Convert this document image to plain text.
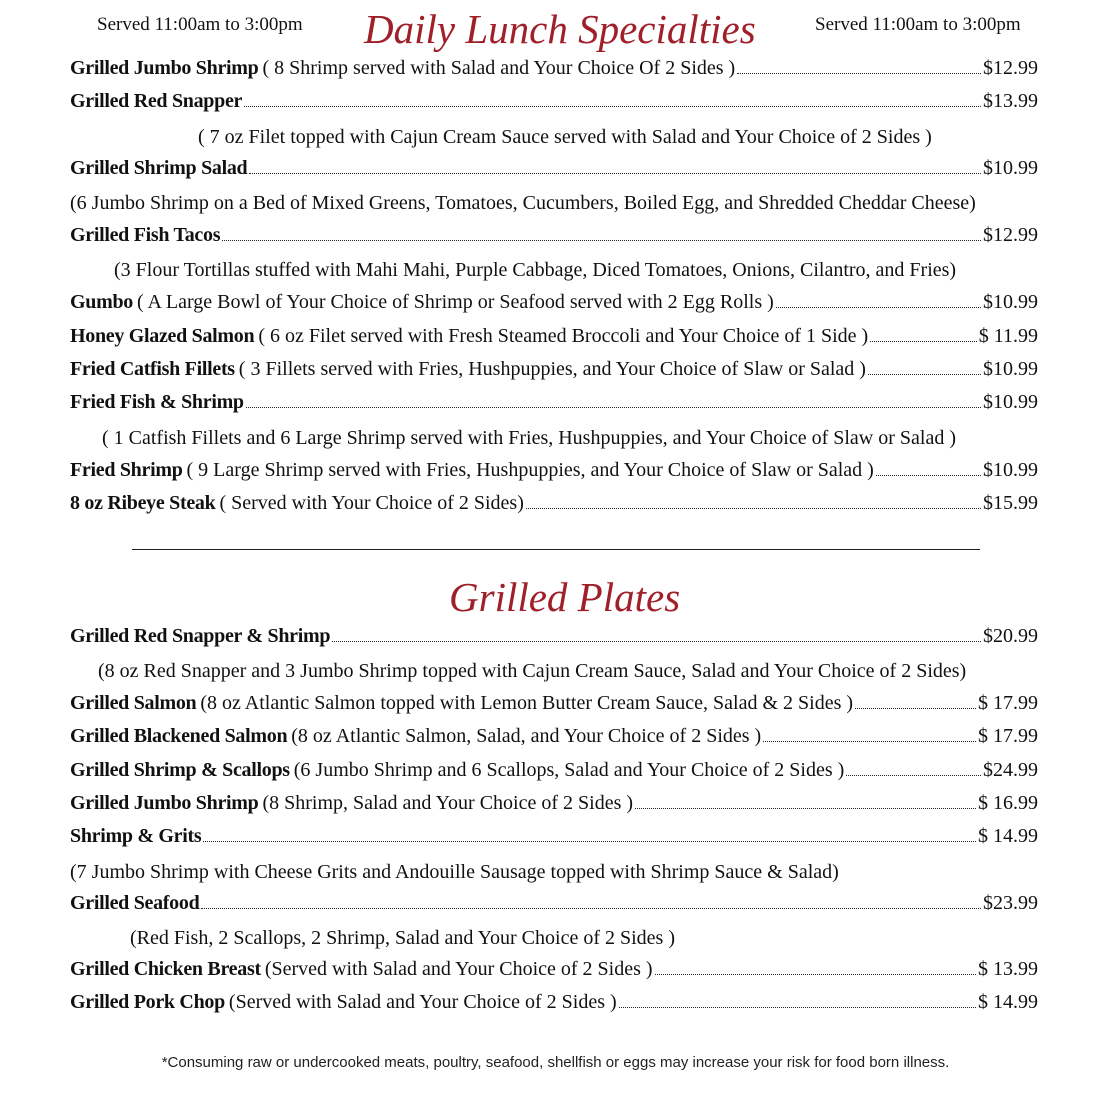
Served 11:00am to 3:00pm Daily Lunch Specialties	Served 11:00am to 3:00pm
Grilled Jumbo Shrimp ( 8 Shrimp served with Salad and Your Choice Of 2 Sides )	$12.99
Grilled Red Snapper	$13.99
( 7 oz Filet topped with Cajun Cream Sauce served with Salad and Your Choice of 2 Sides )
Grilled Shrimp Salad	$10.99
(6 Jumbo Shrimp on a Bed of Mixed Greens, Tomatoes, Cucumbers, Boiled Egg, and Shredded Cheddar Cheese)
Grilled Fish Tacos	$12.99
(3 Flour Tortillas stuffed with Mahi Mahi, Purple Cabbage, Diced Tomatoes, Onions, Cilantro, and Fries)
Gumbo ( A Large Bowl of Your Choice of Shrimp or Seafood served with 2 Egg Rolls )	$10.99
Honey Glazed Salmon ( 6 oz Filet served with Fresh Steamed Broccoli and Your Choice of 1 Side )	$ 11.99
Fried Catfish Fillets ( 3 Fillets served with Fries, Hushpuppies, and Your Choice of Slaw or Salad )	$10.99
Fried Fish & Shrimp	$10.99
( 1 Catfish Fillets and 6 Large Shrimp served with Fries, Hushpuppies, and Your Choice of Slaw or Salad )
Fried Shrimp ( 9 Large Shrimp served with Fries, Hushpuppies, and Your Choice of Slaw or Salad )	$10.99
8 oz Ribeye Steak ( Served with Your Choice of 2 Sides)	$15.99
Grilled Plates
Grilled Red Snapper & Shrimp	$20.99
(8 oz Red Snapper and 3 Jumbo Shrimp topped with Cajun Cream Sauce, Salad and Your Choice of 2 Sides)
Grilled Salmon (8 oz Atlantic Salmon topped with Lemon Butter Cream Sauce, Salad & 2 Sides )	$ 17.99
Grilled Blackened Salmon (8 oz Atlantic Salmon, Salad, and Your Choice of 2 Sides )	$ 17.99
Grilled Shrimp & Scallops (6 Jumbo Shrimp and 6 Scallops, Salad and Your Choice of 2 Sides )	$24.99
Grilled Jumbo Shrimp (8 Shrimp, Salad and Your Choice of 2 Sides )	$ 16.99
Shrimp & Grits	$ 14.99
(7 Jumbo Shrimp with Cheese Grits and Andouille Sausage topped with Shrimp Sauce & Salad)
Grilled Seafood	$23.99
(Red Fish, 2 Scallops, 2 Shrimp, Salad and Your Choice of 2 Sides )
Grilled Chicken Breast (Served with Salad and Your Choice of 2 Sides )	$ 13.99
Grilled Pork Chop (Served with Salad and Your Choice of 2 Sides )	$ 14.99
*Consuming raw or undercooked meats, poultry, seafood, shellfish or eggs may increase your risk for food born illness.
